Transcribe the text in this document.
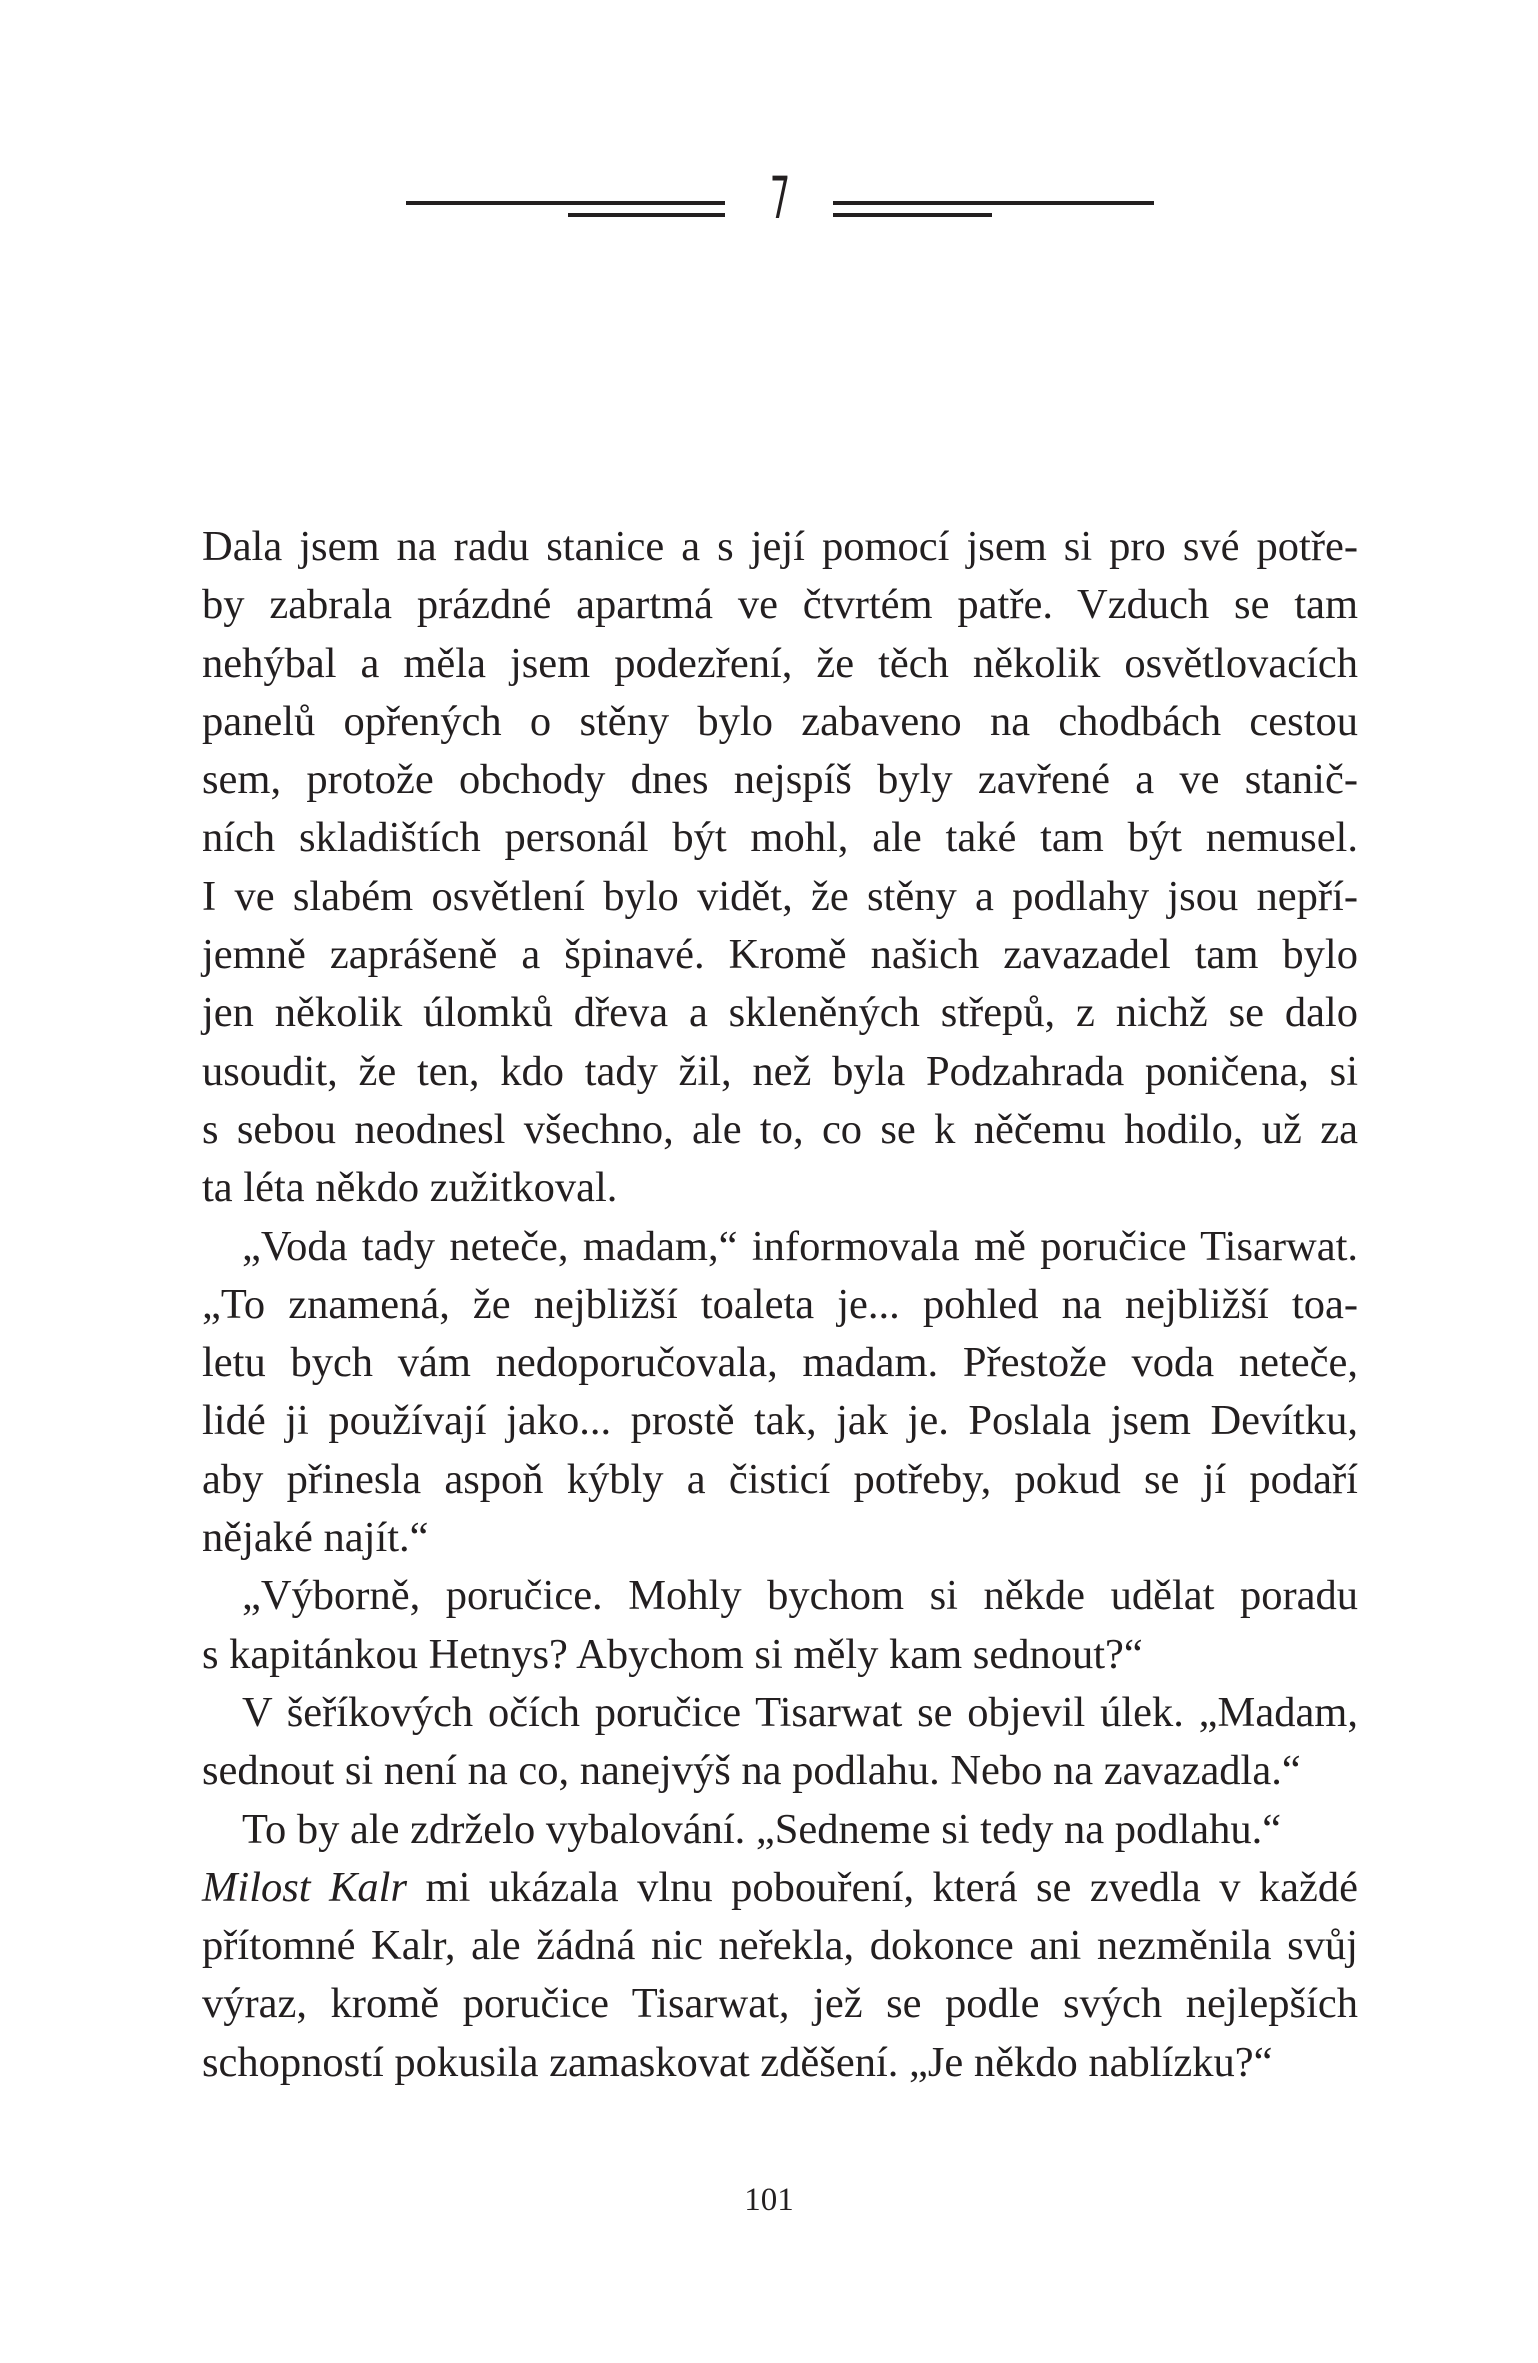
7
Dala jsem na radu stanice a s její pomocí jsem si pro své potře-
by zabrala prázdné apartmá ve čtvrtém patře. Vzduch se tam
nehýbal a měla jsem podezření, že těch několik osvětlovacích
panelů opřených o stěny bylo zabaveno na chodbách cestou
sem, protože obchody dnes nejspíš byly zavřené a ve stanič-
ních skladištích personál být mohl, ale také tam být nemusel.
I ve slabém osvětlení bylo vidět, že stěny a podlahy jsou nepří-
jemně zaprášeně a špinavé. Kromě našich zavazadel tam bylo
jen několik úlomků dřeva a skleněných střepů, z nichž se dalo
usoudit, že ten, kdo tady žil, než byla Podzahrada poničena, si
s sebou neodnesl všechno, ale to, co se k něčemu hodilo, už za
ta léta někdo zužitkoval.
„Voda tady neteče, madam,“ informovala mě poručice Tisarwat.
„To znamená, že nejbližší toaleta je... pohled na nejbližší toa-
letu bych vám nedoporučovala, madam. Přestože voda neteče,
lidé ji používají jako... prostě tak, jak je. Poslala jsem Devítku,
aby přinesla aspoň kýbly a čisticí potřeby, pokud se jí podaří
nějaké najít.“
„Výborně, poručice. Mohly bychom si někde udělat poradu
s kapitánkou Hetnys? Abychom si měly kam sednout?“
V šeříkových očích poručice Tisarwat se objevil úlek. „Madam,
sednout si není na co, nanejvýš na podlahu. Nebo na zavazadla.“
To by ale zdrželo vybalování. „Sedneme si tedy na podlahu.“
Milost Kalr mi ukázala vlnu pobouření, která se zvedla v každé
přítomné Kalr, ale žádná nic neřekla, dokonce ani nezměnila svůj
výraz, kromě poručice Tisarwat, jež se podle svých nejlepších
schopností pokusila zamaskovat zděšení. „Je někdo nablízku?“
101
